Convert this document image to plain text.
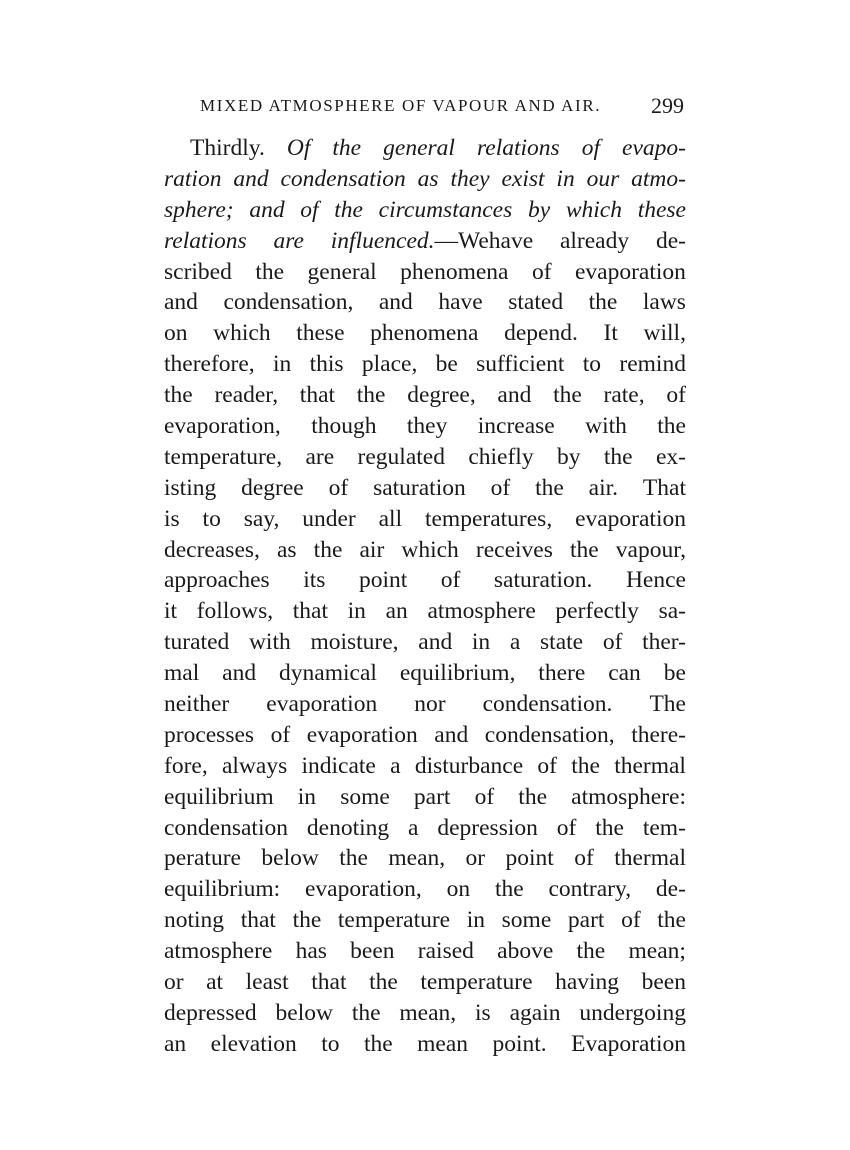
MIXED ATMOSPHERE OF VAPOUR AND AIR. 299
Thirdly. Of the general relations of evapo-
ration and condensation as they exist in our atmo-
sphere; and of the circumstances by which these
relations are influenced.—Wehave already de-
scribed the general phenomena of evaporation
and condensation, and have stated the laws
on which these phenomena depend. It will,
therefore, in this place, be sufficient to remind
the reader, that the degree, and the rate, of
evaporation, though they increase with the
temperature, are regulated chiefly by the ex-
isting degree of saturation of the air. That
is to say, under all temperatures, evaporation
decreases, as the air which receives the vapour,
approaches its point of saturation. Hence
it follows, that in an atmosphere perfectly sa-
turated with moisture, and in a state of ther-
mal and dynamical equilibrium, there can be
neither evaporation nor condensation. The
processes of evaporation and condensation, there-
fore, always indicate a disturbance of the thermal
equilibrium in some part of the atmosphere:
condensation denoting a depression of the tem-
perature below the mean, or point of thermal
equilibrium: evaporation, on the contrary, de-
noting that the temperature in some part of the
atmosphere has been raised above the mean;
or at least that the temperature having been
depressed below the mean, is again undergoing
an elevation to the mean point. Evaporation
